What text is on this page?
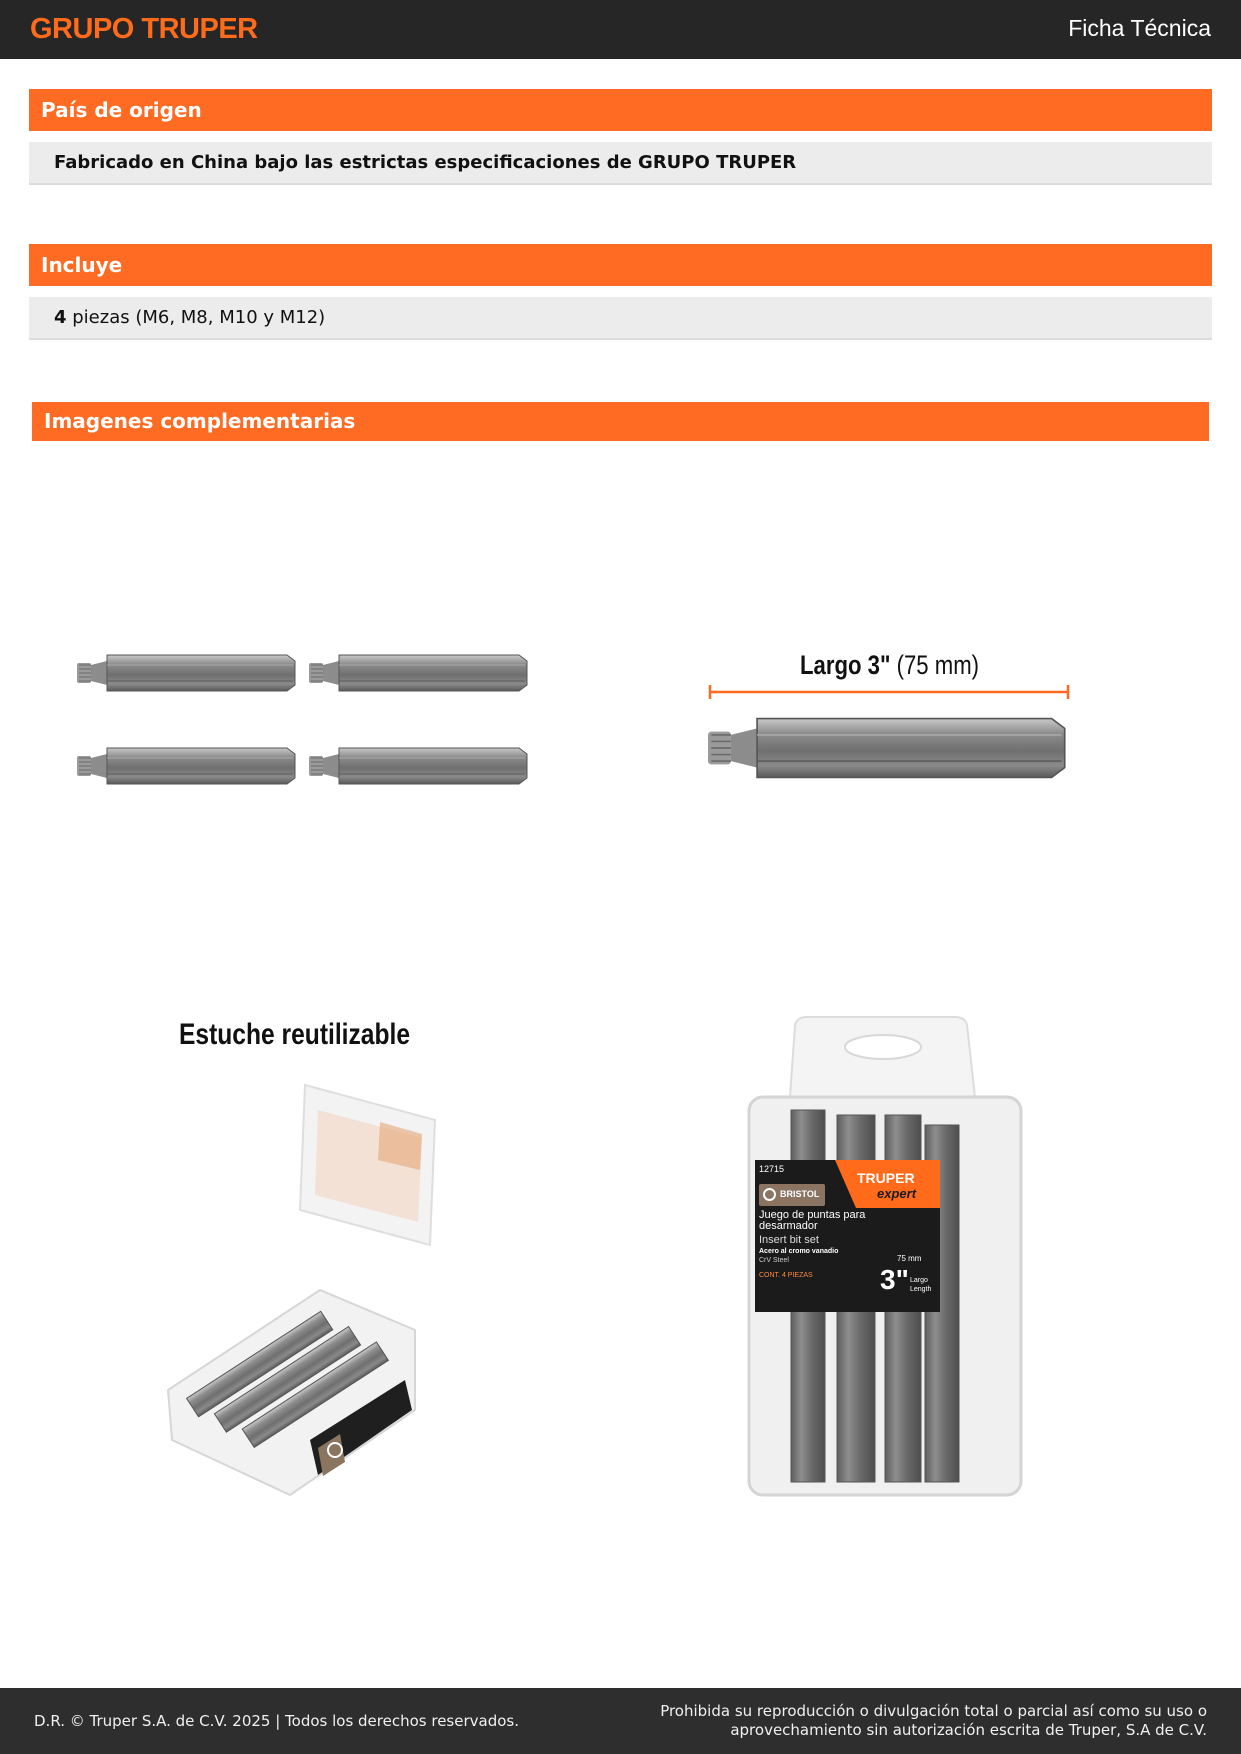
GRUPO TRUPER	Ficha Técnica
País de origen
Fabricado en China bajo las estrictas especificaciones de GRUPO TRUPER
Incluye
4 piezas (M6, M8, M10 y M12)
Imagenes complementarias
Largo 3" (75 mm)
Estuche reutilizable
12715
TRUPER
expert
BRISTOL
Juego de puntas para desarmador
Insert bit set
Acero al cromo vanadio
CrV Steel
CONT. 4 PIEZAS
75 mm
3" Largo
Length
D.R. © Truper S.A. de C.V. 2025 | Todos los derechos reservados.
Prohibida su reproducción o divulgación total o parcial así como su uso o
aprovechamiento sin autorización escrita de Truper, S.A de C.V.
